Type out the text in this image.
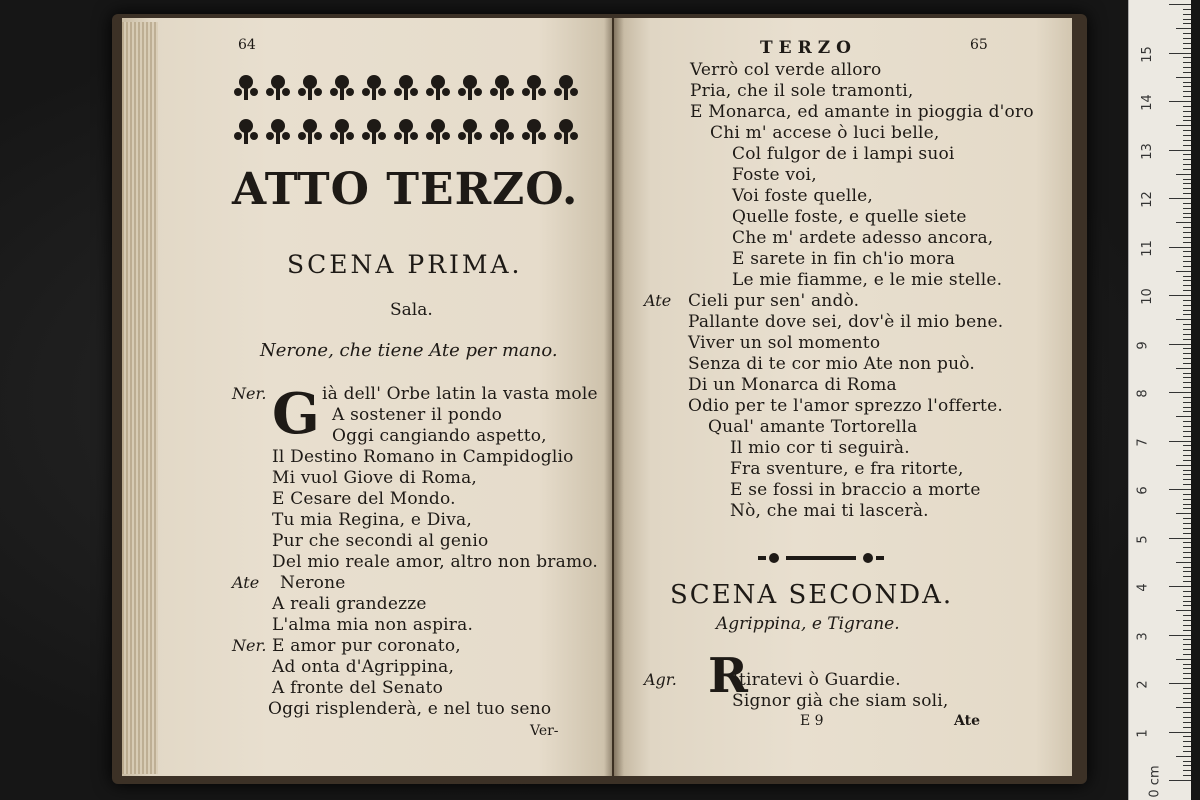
64
ATTO TERZO.
SCENA PRIMA.
Sala.
Nerone, che tiene Ate per mano.
G
Ner.	ià dell' Orbe latin la vasta mole
A sostener il pondo
Oggi cangiando aspetto,
Il Destino Romano in Campidoglio
Mi vuol Giove di Roma,
E Cesare del Mondo.
Tu mia Regina, e Diva,
Pur che secondi al genio
Del mio reale amor, altro non bramo.
Ate Nerone
A reali grandezze
L'alma mia non aspira.
Ner. E amor pur coronato,
Ad onta d'Agrippina,
A fronte del Senato
Oggi risplenderà, e nel tuo seno
Ver-
TERZO	65
Verrò col verde alloro
Pria, che il sole tramonti,
E Monarca, ed amante in pioggia d'oro
Chi m' accese ò luci belle,
Col fulgor de i lampi suoi
Foste voi,
Voi foste quelle,
Quelle foste, e quelle siete
Che m' ardete adesso ancora,
E sarete in fin ch'io mora
Le mie fiamme, e le mie stelle.
Ate Cieli pur sen' andò.
Pallante dove sei, dov'è il mio bene.
Viver un sol momento
Senza di te cor mio Ate non può.
Di un Monarca di Roma
Odio per te l'amor sprezzo l'offerte.
Qual' amante Tortorella
Il mio cor ti seguirà.
Fra sventure, e fra ritorte,
E se fossi in braccio a morte
Nò, che mai ti lascerà.
SCENA SECONDA.
Agrippina, e Tigrane.
R
Agr.	Itiratevi ò Guardie.
Signor già che siam soli,
E 9	Ate
15
14
13
12
11
10
9
8
7
6
5
4
3
2
1
0 cm
